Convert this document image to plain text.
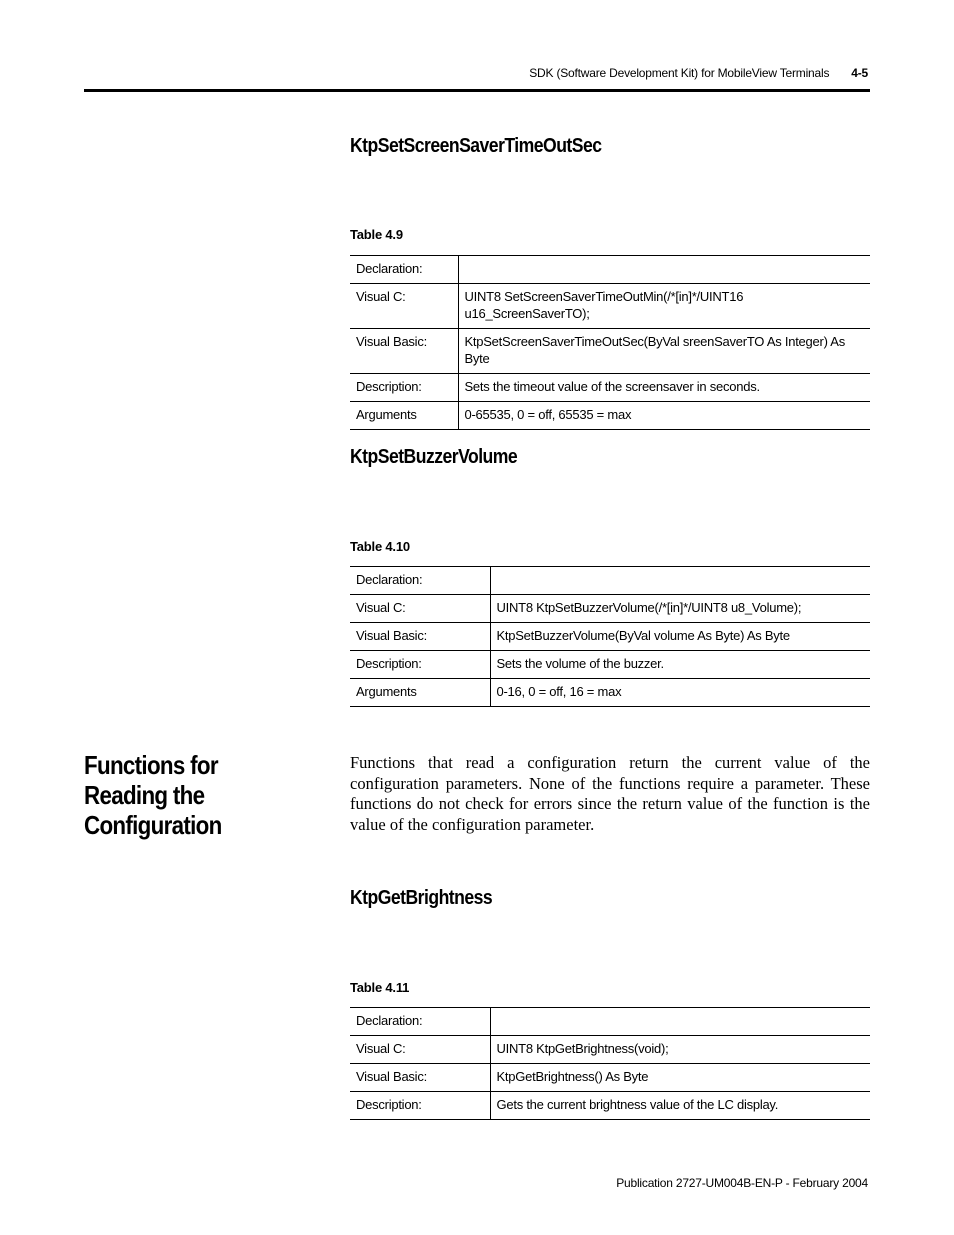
SDK (Software Development Kit) for MobileView Terminals 4-5
KtpSetScreenSaverTimeOutSec
Table 4.9
Declaration:	
Visual C:	UINT8 SetScreenSaverTimeOutMin(/*[in]*/UINT16 u16_ScreenSaverTO);
Visual Basic:	KtpSetScreenSaverTimeOutSec(ByVal sreenSaverTO As Integer) As Byte
Description:	Sets the timeout value of the screensaver in seconds.
Arguments	0-65535, 0 = off, 65535 = max
KtpSetBuzzerVolume
Table 4.10
Declaration:	
Visual C:	UINT8 KtpSetBuzzerVolume(/*[in]*/UINT8 u8_Volume);
Visual Basic:	KtpSetBuzzerVolume(ByVal volume As Byte) As Byte
Description:	Sets the volume of the buzzer.
Arguments	0-16, 0 = off, 16 = max
Functions for Reading the Configuration
Functions that read a configuration return the current value of the configuration parameters. None of the functions require a parameter. These functions do not check for errors since the return value of the function is the value of the configuration parameter.
KtpGetBrightness
Table 4.11
Declaration:	
Visual C:	UINT8 KtpGetBrightness(void);
Visual Basic:	KtpGetBrightness() As Byte
Description:	Gets the current brightness value of the LC display.
Publication 2727-UM004B-EN-P - February 2004
